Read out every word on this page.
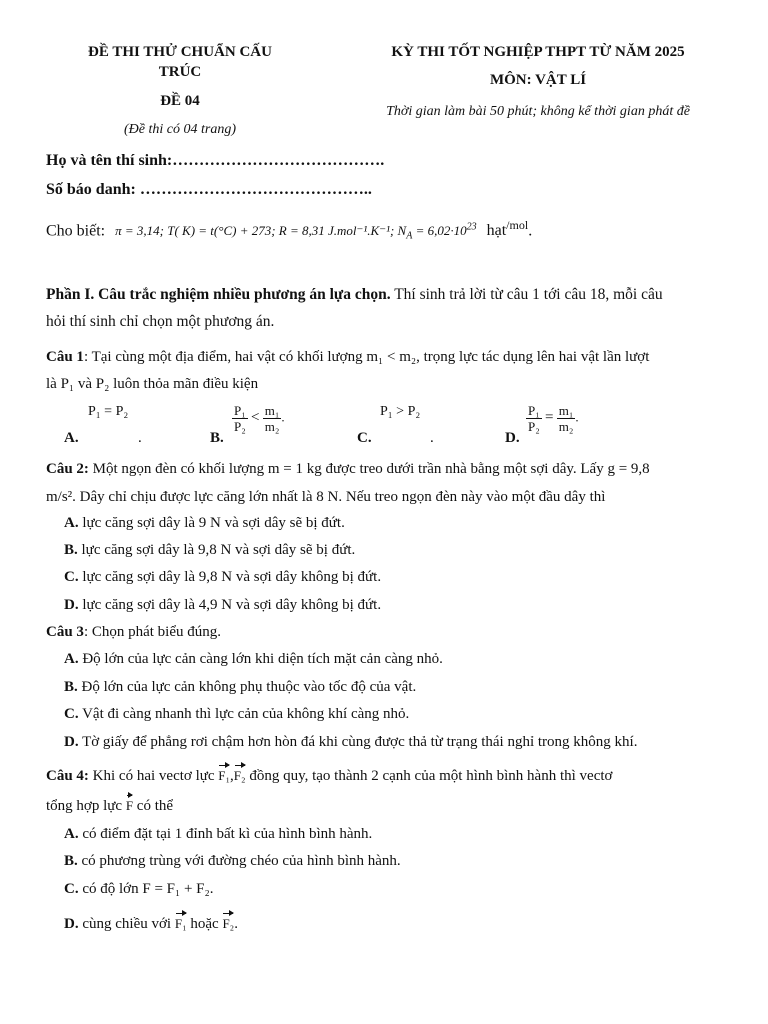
ĐỀ THI THỬ CHUẨN CẤU
TRÚC
ĐỀ 04
(Đề thi có 04 trang)
KỲ THI TỐT NGHIỆP THPT TỪ NĂM 2025
MÔN: VẬT LÍ
Thời gian làm bài 50 phút; không kể thời gian phát đề
Họ và tên thí sinh:………………………………….
Số báo danh: ……………………………………..
Cho biết: π = 3,14; T( K) = t(°C) + 273; R = 8,31 J.mol⁻¹.K⁻¹; $N_A = 6,02\cdot 10^{23}$ hạt$^{/mol}$.
Phần I. Câu trắc nghiệm nhiều phương án lựa chọn. Thí sinh trả lời từ câu 1 tới câu 18, mỗi câu
hỏi thí sinh chỉ chọn một phương án.
Câu 1: Tại cùng một địa điểm, hai vật có khối lượng m₁ < m₂, trọng lực tác dụng lên hai vật lần lượt
là P₁ và P₂ luôn thỏa mãn điều kiện
P₁ = P₂
A.	.	B.
$\frac{\text{P₁}}{\text{P₂}} < \frac{\text{m₁}}{\text{m₂}}$ .	P₁ > P₂
C.	.	D.
$\frac{\text{P₁}}{\text{P₂}} = \frac{\text{m₁}}{\text{m₂}}$ .
Câu 2: Một ngọn đèn có khối lượng m = 1 kg được treo dưới trần nhà bằng một sợi dây. Lấy g = 9,8
m/s². Dây chỉ chịu được lực căng lớn nhất là 8 N. Nếu treo ngọn đèn này vào một đầu dây thì
A. lực căng sợi dây là 9 N và sợi dây sẽ bị đứt.
B. lực căng sợi dây là 9,8 N và sợi dây sẽ bị đứt.
C. lực căng sợi dây là 9,8 N và sợi dây không bị đứt.
D. lực căng sợi dây là 4,9 N và sợi dây không bị đứt.
Câu 3: Chọn phát biểu đúng.
A. Độ lớn của lực cản càng lớn khi diện tích mặt cản càng nhỏ.
B. Độ lớn của lực cản không phụ thuộc vào tốc độ của vật.
C. Vật đi càng nhanh thì lực cản của không khí càng nhỏ.
D. Tờ giấy để phẳng rơi chậm hơn hòn đá khi cùng được thả từ trạng thái nghỉ trong không khí.
Câu 4: Khi có hai vectơ lực F₁,F₂ đồng quy, tạo thành 2 cạnh của một hình bình hành thì vectơ
tổng hợp lực F có thể
A. có điểm đặt tại 1 đỉnh bất kì của hình bình hành.
B. có phương trùng với đường chéo của hình bình hành.
C. có độ lớn F = F₁ + F₂.
D. cùng chiều với F₁ hoặc F₂.
